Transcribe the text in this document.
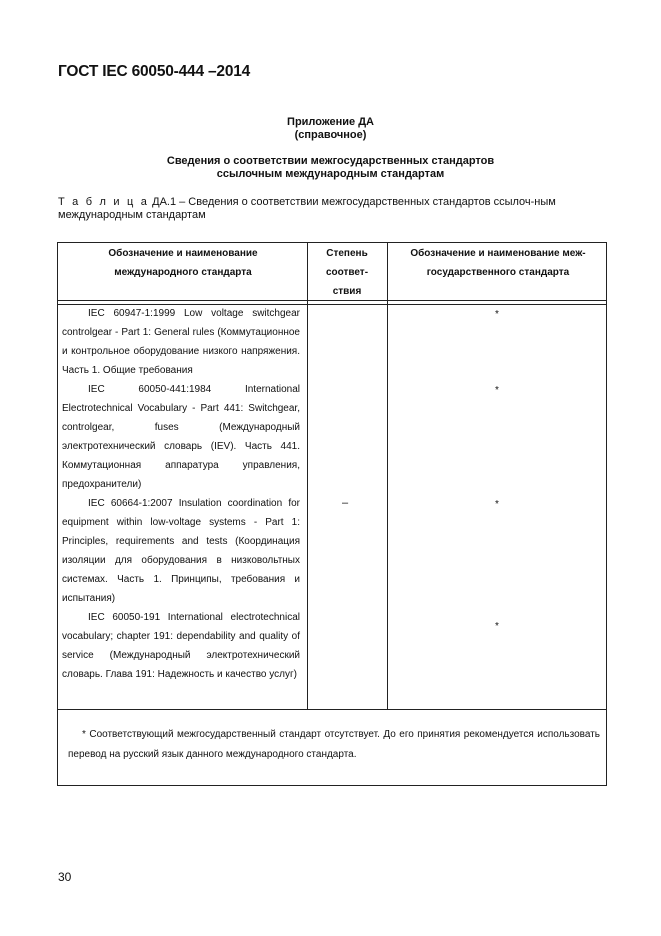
ГОСТ IEC 60050-444 –2014
Приложение ДА
(справочное)
Сведения о соответствии межгосударственных стандартов
ссылочным международным стандартам
Т а б л и ц а ДА.1 – Сведения о соответствии межгосударственных стандартов ссылоч-ным международным стандартам
Обозначение и наименование международного стандарта
Степень соответ-ствия
Обозначение и наименование меж-государственного стандарта

IEC 60947-1:1999 Low voltage switchgear controlgear - Part 1: General rules (Коммутационное и контрольное оборудование низкого напряжения. Часть 1. Общие требования

IEC 60050-441:1984 International Electrotechnical Vocabulary - Part 441: Switchgear, controlgear, fuses (Международный электротехнический словарь (IEV). Часть 441. Коммутационная аппаратура управления, предохранители)

IEC 60664-1:2007 Insulation coordination for equipment within low-voltage systems - Part 1: Principles, requirements and tests (Координация изоляции для оборудования в низковольтных системах. Часть 1. Принципы, требования и испытания)

IEC 60050-191 International electrotechnical vocabulary; chapter 191: dependability and quality of service (Международный электротехнический словарь. Глава 191: Надежность и качество услуг)

–
*
*
*
*
* Соответствующий межгосударственный стандарт отсутствует. До его принятия рекомендуется использовать перевод на русский язык данного международного стандарта.
30
